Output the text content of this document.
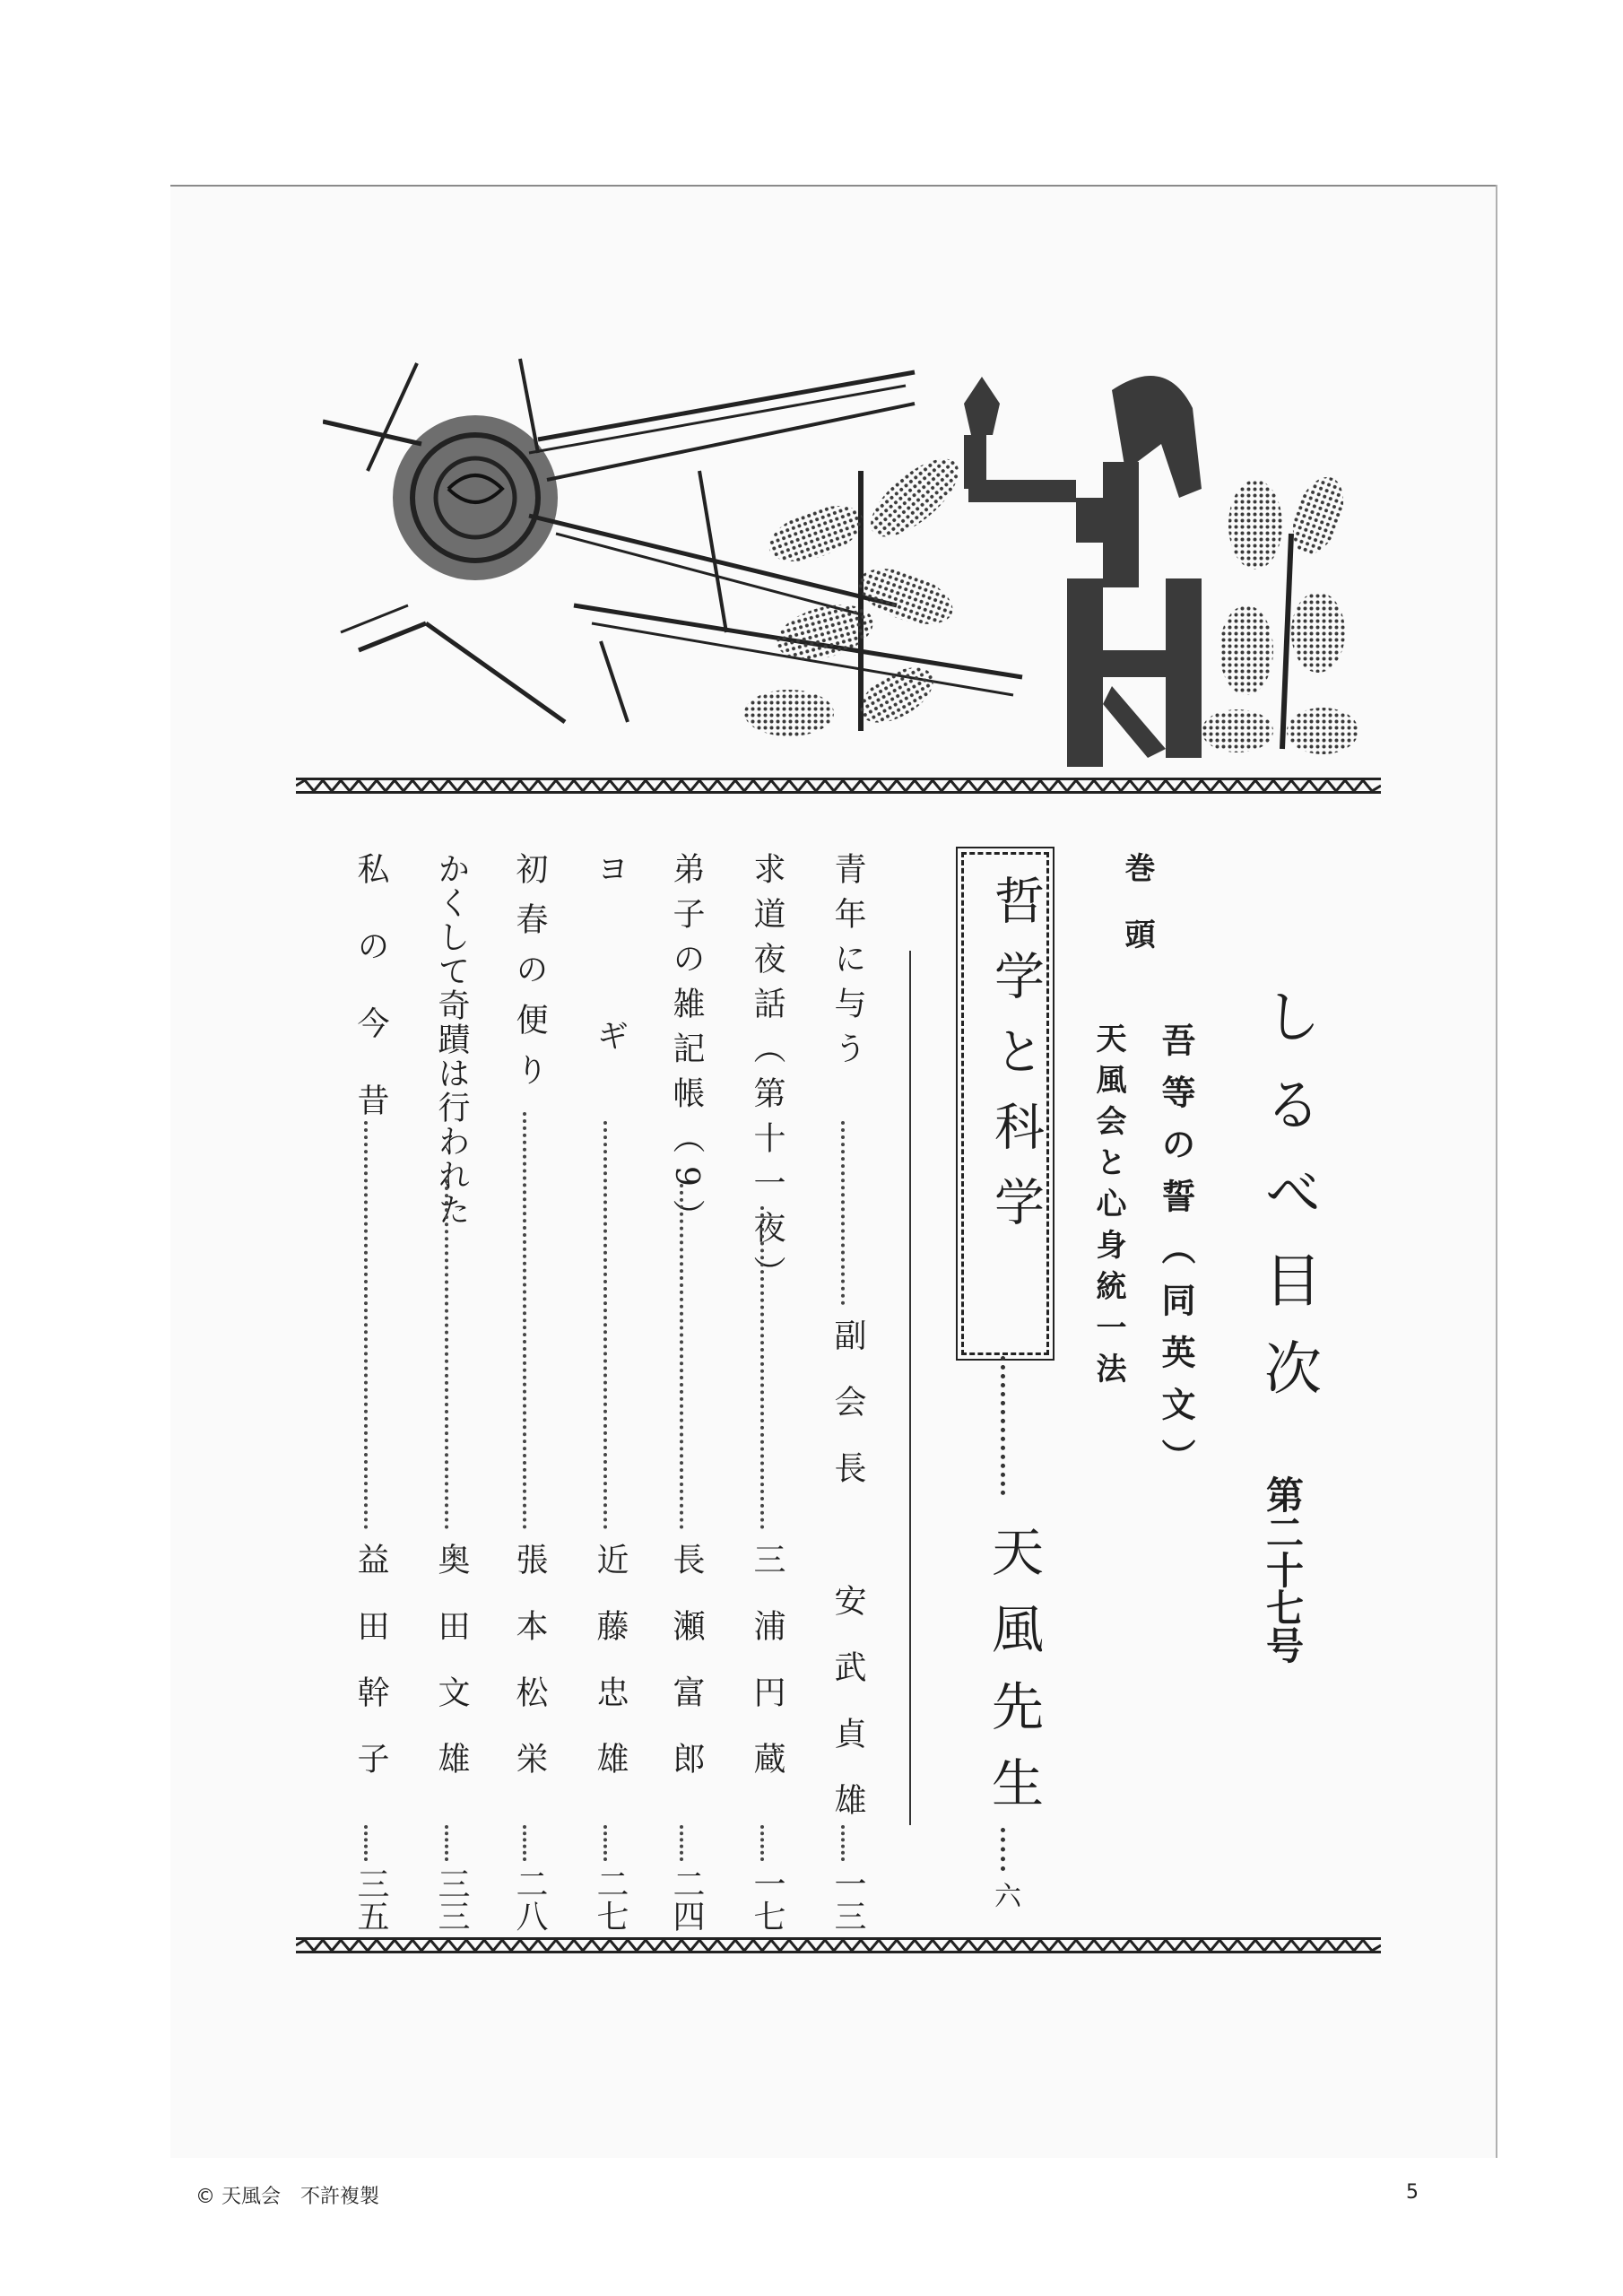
しるべ目次
第二十七号
巻頭
吾等の誓（同英文）
天風会と心身統一法
哲学と科学
天風先生
六
青年に与う
副会長　安武貞雄
一三
求道夜話（第十一夜）
三浦円蔵
一七
弟子の雑記帳（9）
長瀬富郎
二四
ヨギ
近藤忠雄
二七
初春の便り
張本松栄
二八
かくして奇蹟は行われた
奥田文雄
三三
私の今昔
益田幹子
三五
© 天風会　不許複製	5
